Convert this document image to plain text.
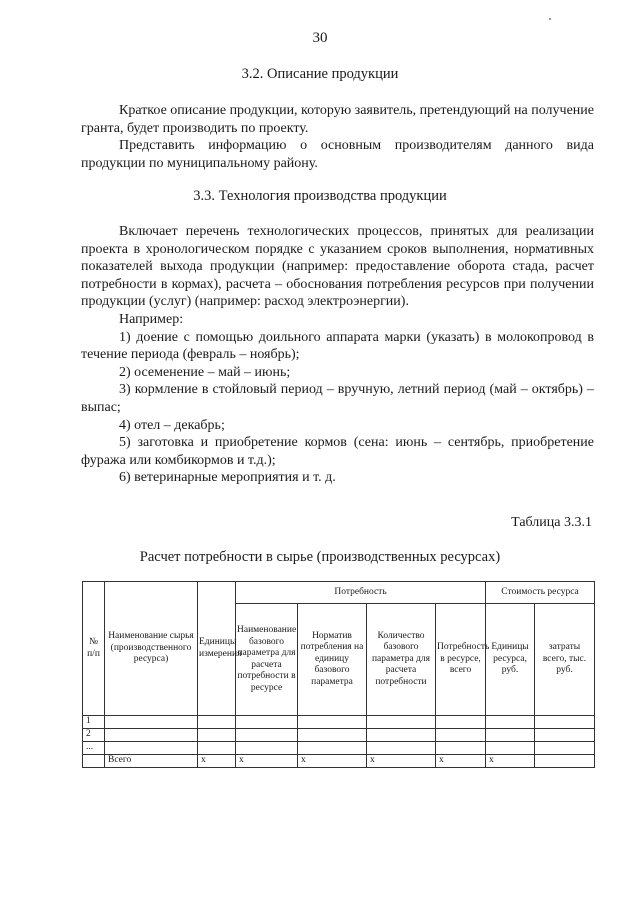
30
3.2. Описание продукции

Краткое описание продукции, которую заявитель, претендующий на получение гранта, будет производить по проекту.

Представить информацию о основным производителям данного вида продукции по муниципальному району.

3.3. Технология производства продукции

Включает перечень технологических процессов, принятых для реализации проекта в хронологическом порядке с указанием сроков выполнения, нормативных показателей выхода продукции (например: предоставление оборота стада, расчет потребности в кормах), расчета – обоснования потребления ресурсов при получении продукции (услуг) (например: расход электроэнергии).

Например:

1) доение с помощью доильного аппарата марки (указать) в молокопровод в течение периода (февраль – ноябрь);

2) осеменение – май – июнь;

3) кормление в стойловый период – вручную, летний период (май – октябрь) – выпас;

4) отел – декабрь;

5) заготовка и приобретение кормов (сена: июнь – сентябрь, приобретение фуража или комбикормов и т.д.);

6) ветеринарные мероприятия и т. д.

Таблица 3.3.1
Расчет потребности в сырье (производственных ресурсах)
№ п/п	Наименование сырья (производственного ресурса)	Единицы измерения	Потребность				Стоимость ресурса	
			Наименование базового параметра для расчета потребности в ресурсе	Норматив потребления на единицу базового параметра	Количество базового параметра для расчета потребности	Потребность в ресурсе, всего	Единицы ресурса, руб.	затраты всего, тыс. руб.
1								
2								
...								
	Всего	x	x	x	x	x	x	
